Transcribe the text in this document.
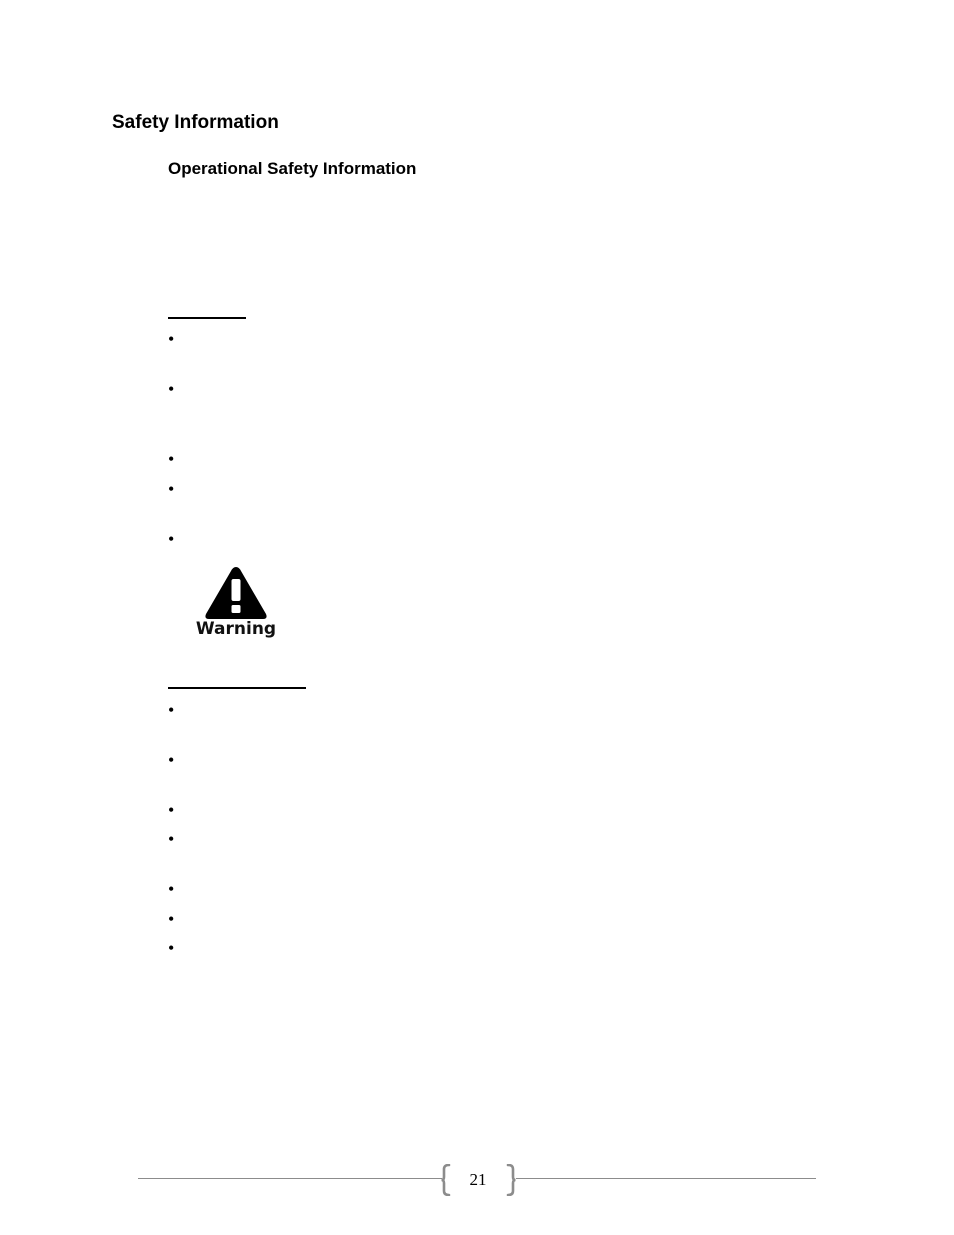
Safety Information
Operational Safety Information
•
•
•
•
•
Warning
•
•
•
•
•
•
•
21
